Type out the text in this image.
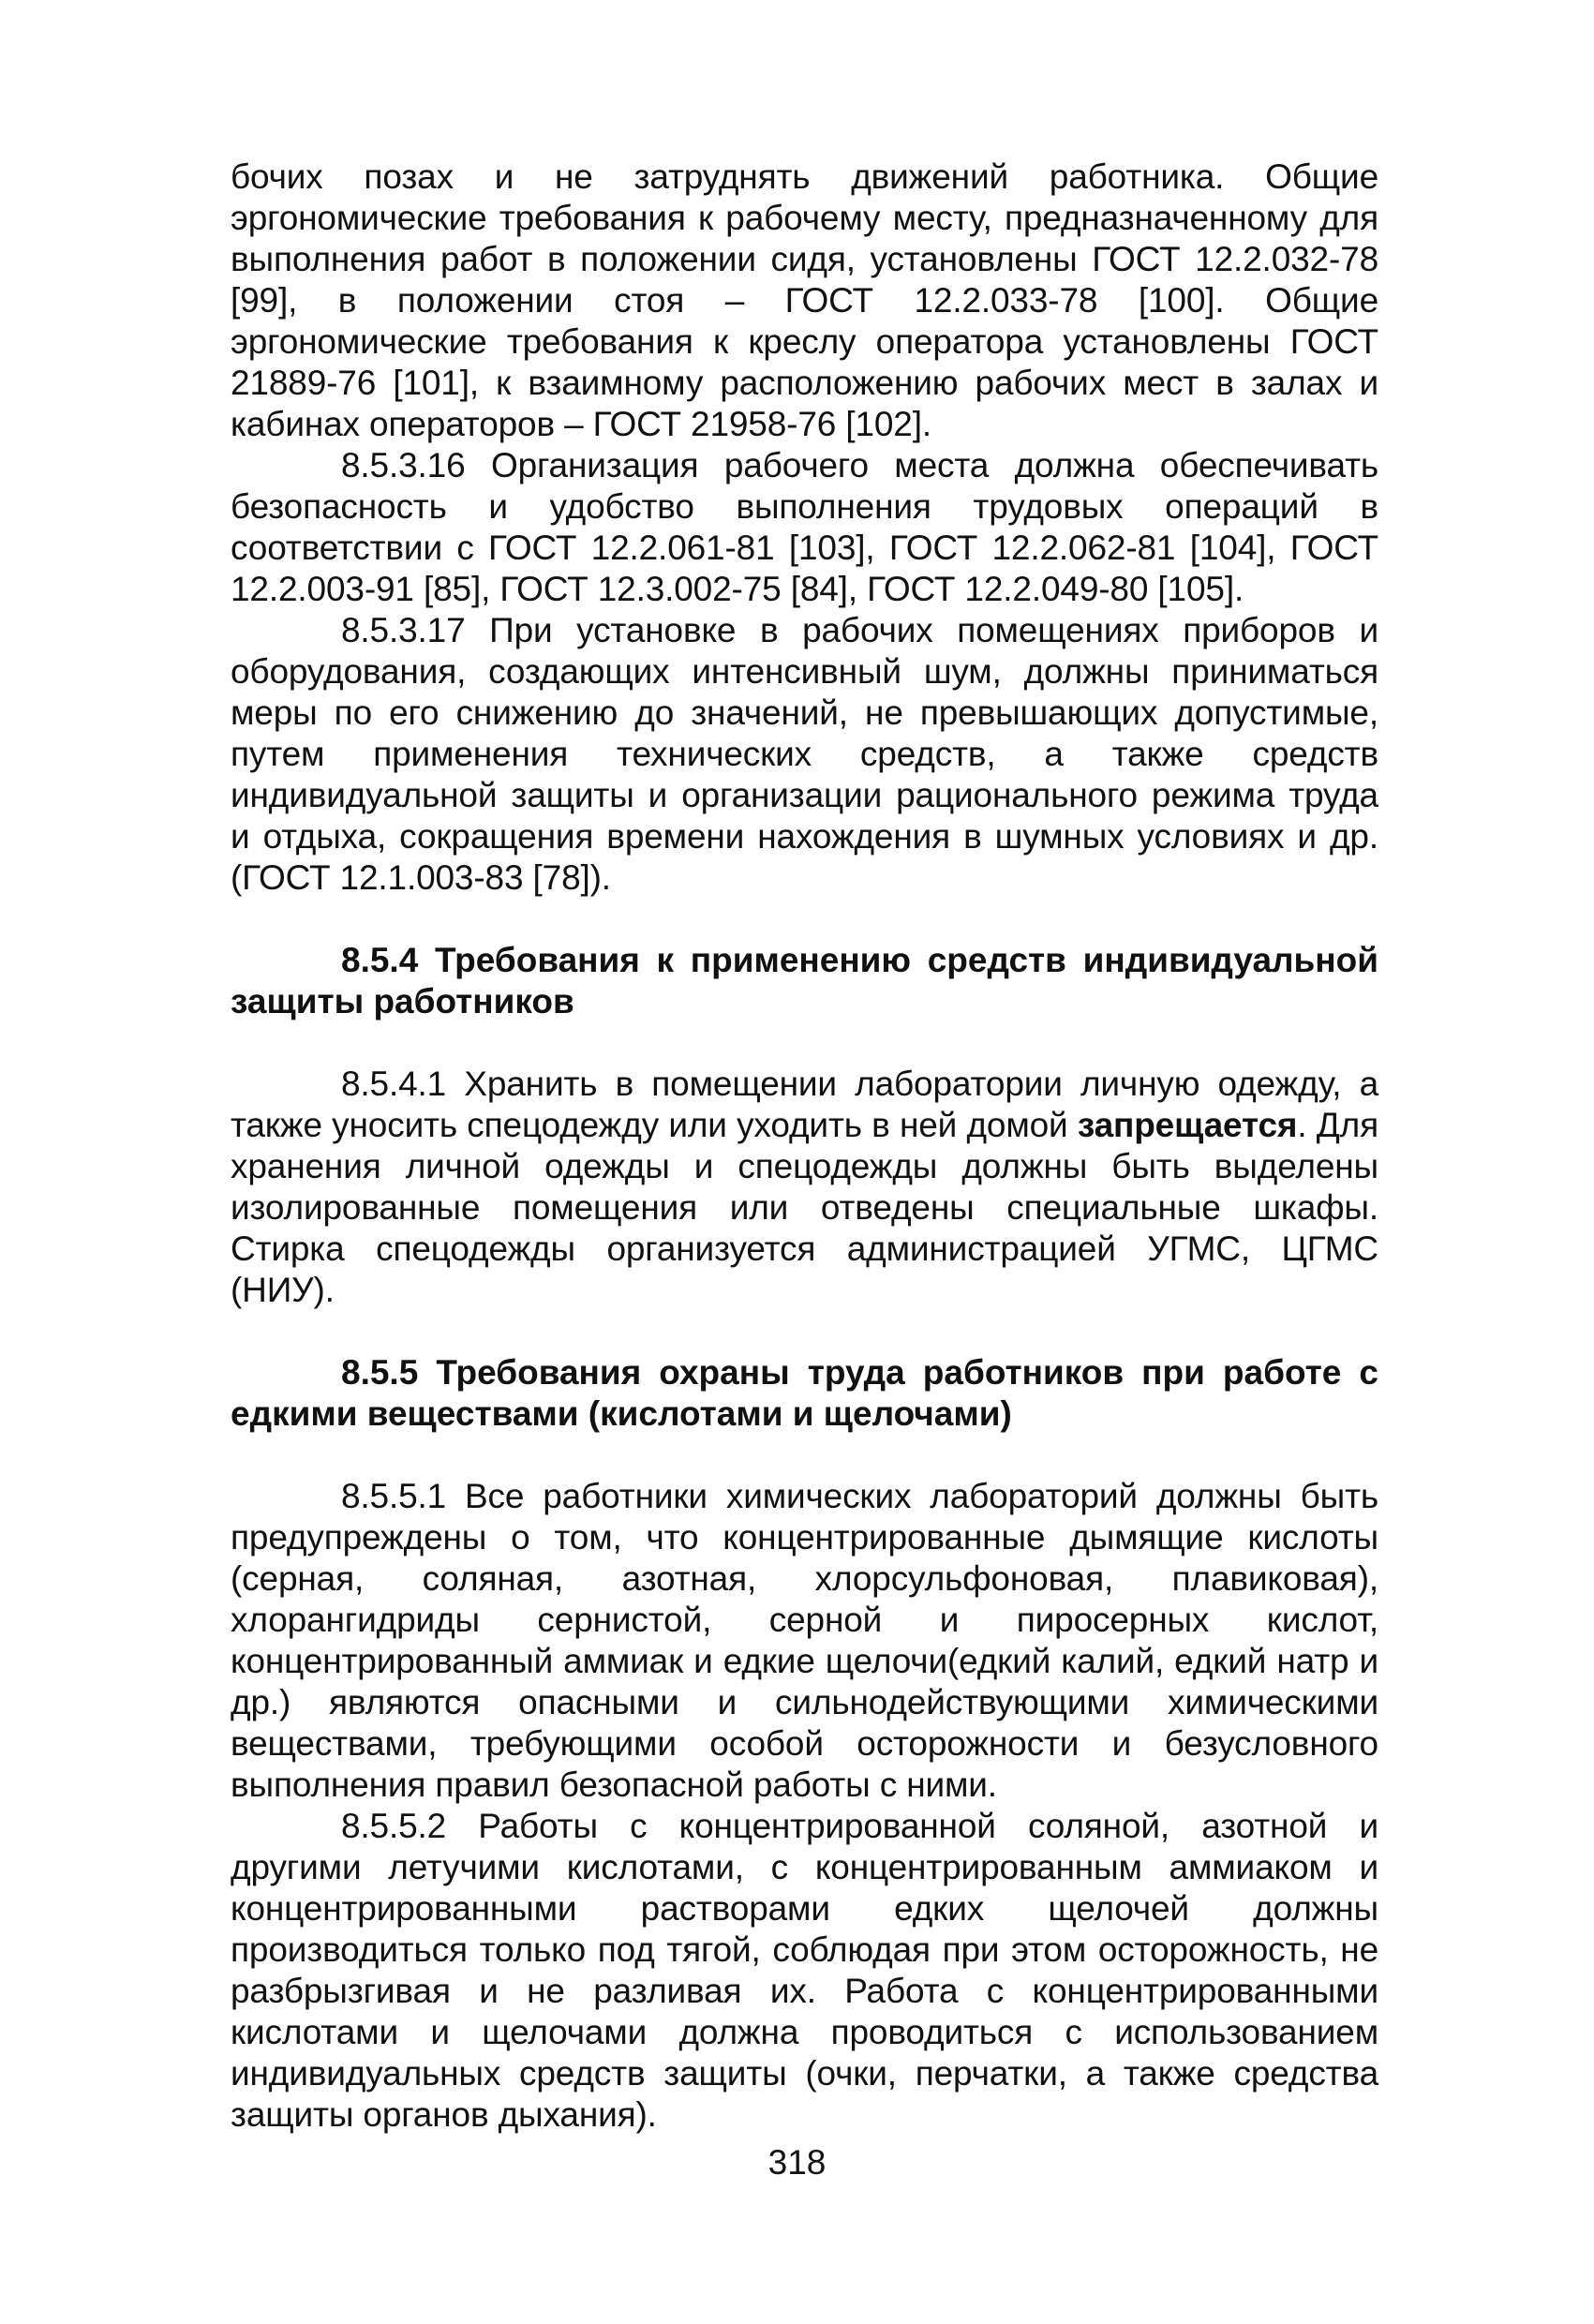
бочих позах и не затруднять движений работника. Общие эргономические требования к рабочему месту, предназначенному для выполнения работ в положении сидя, установлены ГОСТ 12.2.032-78 [99], в положении стоя – ГОСТ 12.2.033-78 [100]. Общие эргономические требования к креслу оператора установлены ГОСТ 21889-76 [101], к взаимному расположению рабочих мест в залах и кабинах операторов – ГОСТ 21958-76 [102].

8.5.3.16 Организация рабочего места должна обеспечивать безопасность и удобство выполнения трудовых операций в соответствии с ГОСТ 12.2.061-81 [103], ГОСТ 12.2.062-81 [104], ГОСТ 12.2.003-91 [85], ГОСТ 12.3.002-75 [84], ГОСТ 12.2.049-80 [105].

8.5.3.17 При установке в рабочих помещениях приборов и оборудования, создающих интенсивный шум, должны приниматься меры по его снижению до значений, не превышающих допустимые, путем применения технических средств, а также средств индивидуальной защиты и организации рационального режима труда и отдыха, сокращения времени нахождения в шумных условиях и др. (ГОСТ 12.1.003-83 [78]).

8.5.4 Требования к применению средств индивидуальной защиты работников

8.5.4.1 Хранить в помещении лаборатории личную одежду, а также уносить спецодежду или уходить в ней домой запрещается. Для хранения личной одежды и спецодежды должны быть выделены изолированные помещения или отведены специальные шкафы. Стирка спецодежды организуется администрацией УГМС, ЦГМС (НИУ).

8.5.5 Требования охраны труда работников при работе с едкими веществами (кислотами и щелочами)

8.5.5.1 Все работники химических лабораторий должны быть предупреждены о том, что концентрированные дымящие кислоты (серная, соляная, азотная, хлорсульфоновая, плавиковая), хлорангидриды сернистой, серной и пиросерных кислот, концентрированный аммиак и едкие щелочи(едкий калий, едкий натр и др.) являются опасными и сильнодействующими химическими веществами, требующими особой осторожности и безусловного выполнения правил безопасной работы с ними.

8.5.5.2 Работы с концентрированной соляной, азотной и другими летучими кислотами, с концентрированным аммиаком и концентрированными растворами едких щелочей должны производиться только под тягой, соблюдая при этом осторожность, не разбрызгивая и не разливая их. Работа с концентрированными кислотами и щелочами должна проводиться с использованием индивидуальных средств защиты (очки, перчатки, а также средства защиты органов дыхания).

318
